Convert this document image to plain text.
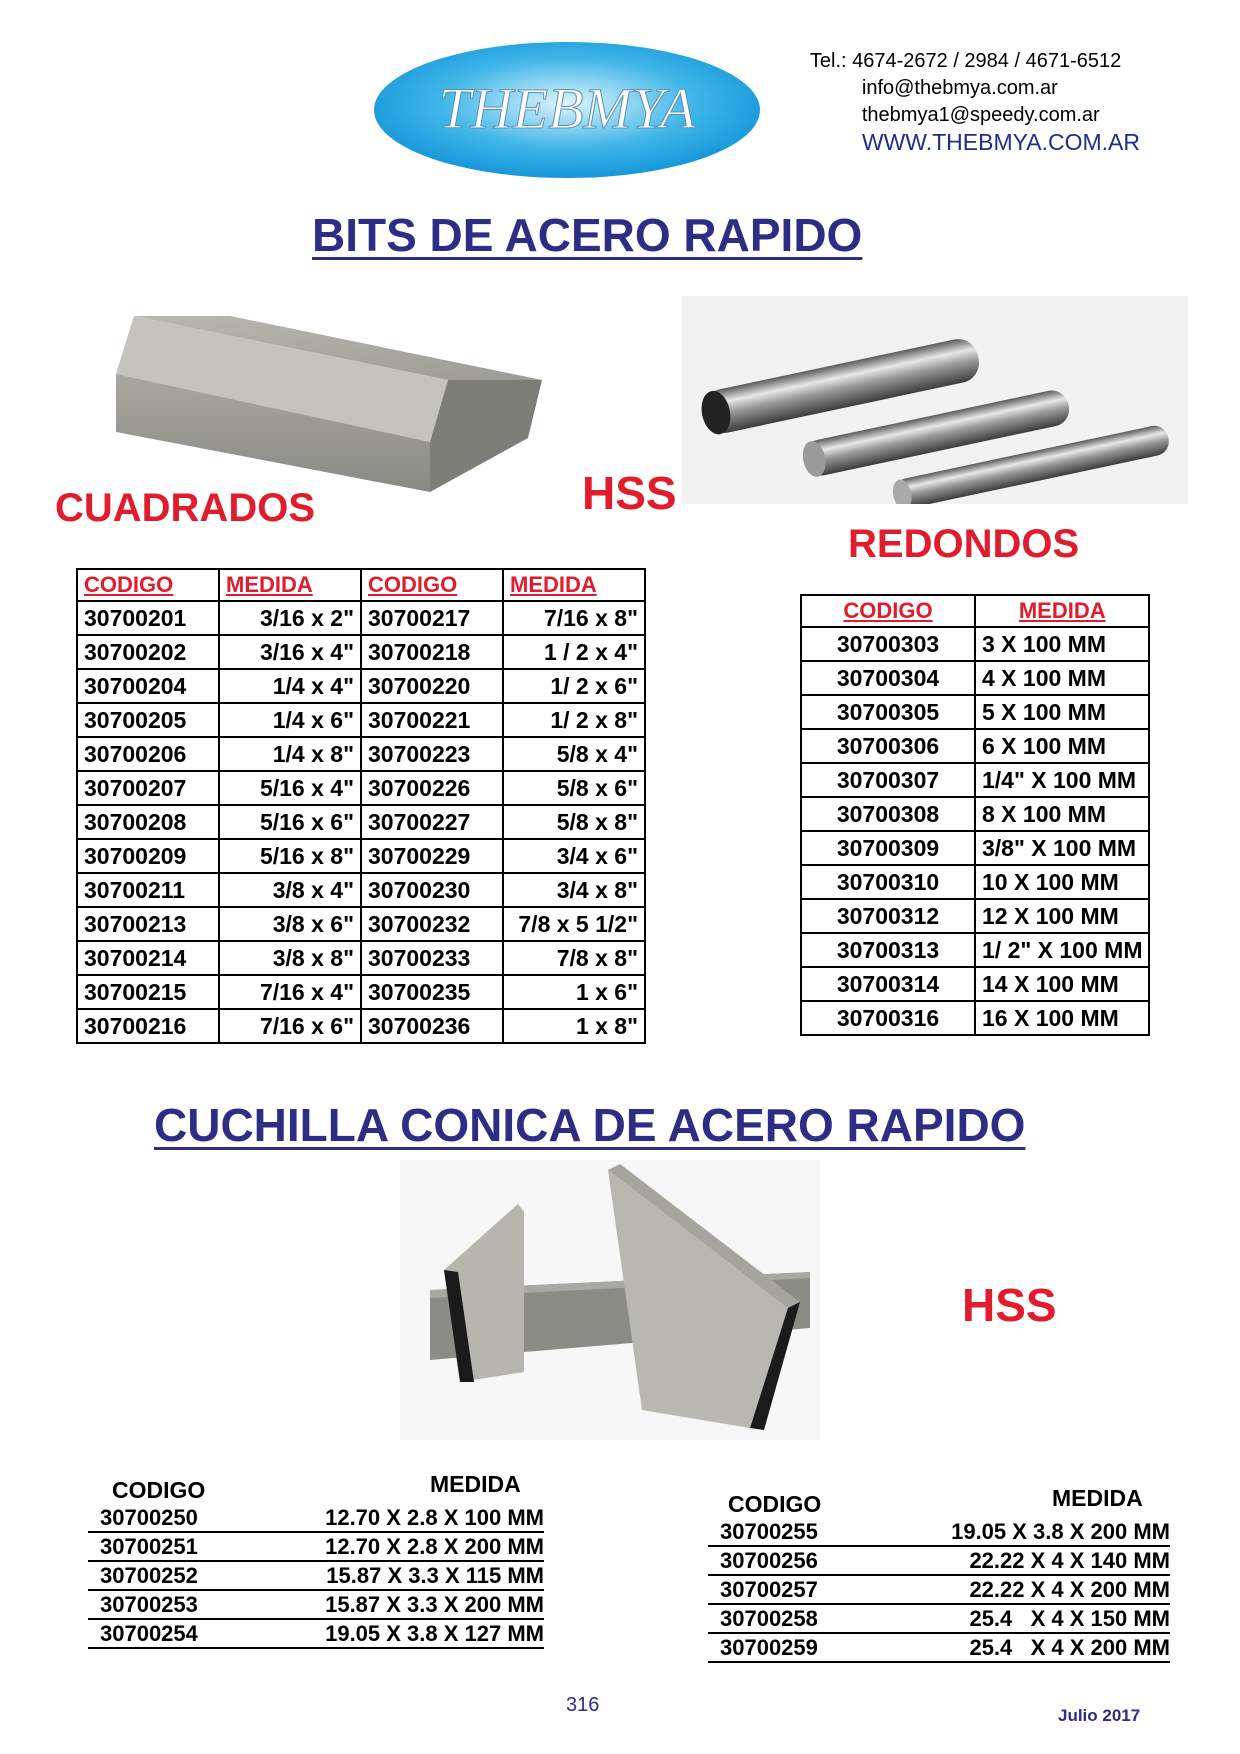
THEBMYA
Tel.: 4674-2672 / 2984 / 4671-6512
info@thebmya.com.ar
thebmya1@speedy.com.ar
WWW.THEBMYA.COM.AR
BITS DE ACERO RAPIDO
CUADRADOS	HSS
REDONDOS
CODIGO	MEDIDA	CODIGO	MEDIDA
30700201	3/16 x 2"	30700217	7/16 x 8"
30700202	3/16 x 4"	30700218	1 / 2 x 4"
30700204	1/4 x 4"	30700220	1/ 2 x 6"
30700205	1/4 x 6"	30700221	1/ 2 x 8"
30700206	1/4 x 8"	30700223	5/8 x 4"
30700207	5/16 x 4"	30700226	5/8 x 6"
30700208	5/16 x 6"	30700227	5/8 x 8"
30700209	5/16 x 8"	30700229	3/4 x 6"
30700211	3/8 x 4"	30700230	3/4 x 8"
30700213	3/8 x 6"	30700232	7/8 x 5 1/2"
30700214	3/8 x 8"	30700233	7/8 x 8"
30700215	7/16 x 4"	30700235	1 x 6"
30700216	7/16 x 6"	30700236	1 x 8"
CODIGO	MEDIDA
30700303	3 X 100 MM
30700304	4 X 100 MM
30700305	5 X 100 MM
30700306	6 X 100 MM
30700307	1/4" X 100 MM
30700308	8 X 100 MM
30700309	3/8" X 100 MM
30700310	10 X 100 MM
30700312	12 X 100 MM
30700313	1/ 2" X 100 MM
30700314	14 X 100 MM
30700316	16 X 100 MM
CUCHILLA CONICA DE ACERO RAPIDO
HSS
CODIGO	MEDIDA
30700250	12.70 X 2.8 X 100 MM
30700251	12.70 X 2.8 X 200 MM
30700252	15.87 X 3.3 X 115 MM
30700253	15.87 X 3.3 X 200 MM
30700254	19.05 X 3.8 X 127 MM
CODIGO	MEDIDA
30700255	19.05 X 3.8 X 200 MM
30700256	22.22 X 4 X 140 MM
30700257	22.22 X 4 X 200 MM
30700258	25.4   X 4 X 150 MM
30700259	25.4   X 4 X 200 MM
316	Julio 2017
